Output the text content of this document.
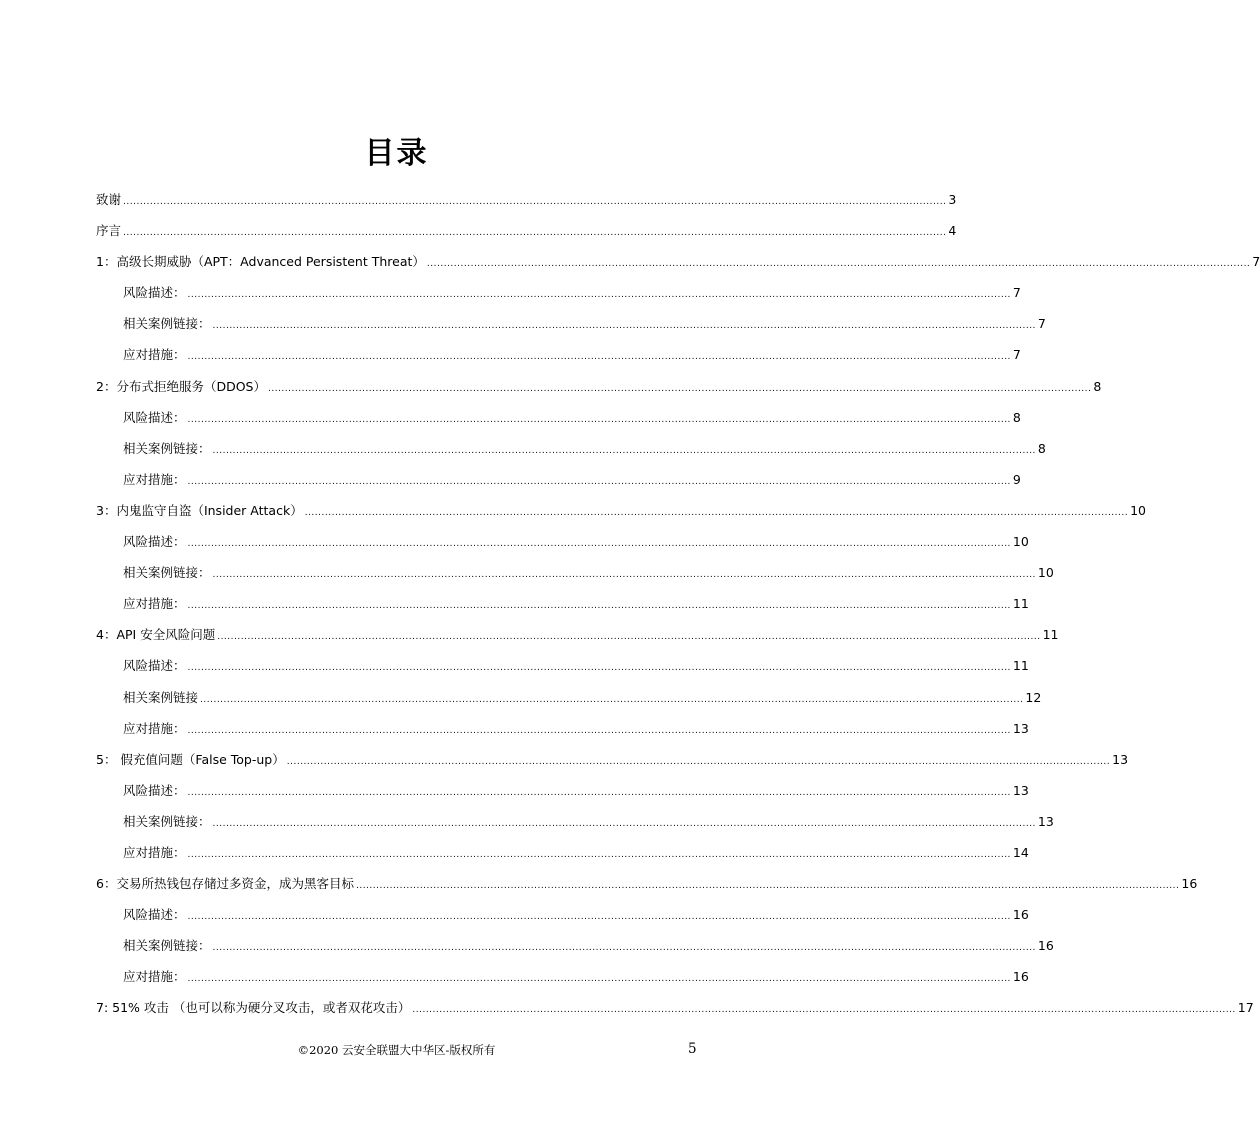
目录
致谢 .....	3
序言 .....	4
1：高级长期威胁（APT：Advanced Persistent Threat） .....	7
风险描述： .....	7
相关案例链接： .....	7
应对措施： .....	7
2：分布式拒绝服务（DDOS） .....	8
风险描述： .....	8
相关案例链接： .....	8
应对措施： .....	9
3：内鬼监守自盗（Insider Attack） .....	10
风险描述： .....	10
相关案例链接： .....	10
应对措施： .....	11
4：API 安全风险问题 .....	11
风险描述： .....	11
相关案例链接 .....	12
应对措施： .....	13
5： 假充值问题（False Top-up） .....	13
风险描述： .....	13
相关案例链接： .....	13
应对措施： .....	14
6：交易所热钱包存储过多资金，成为黑客目标 .....	16
风险描述： .....	16
相关案例链接： .....	16
应对措施： .....	16
7: 51% 攻击 （也可以称为硬分叉攻击，或者双花攻击） .....	17
©2020 云安全联盟大中华区-版权所有	5
